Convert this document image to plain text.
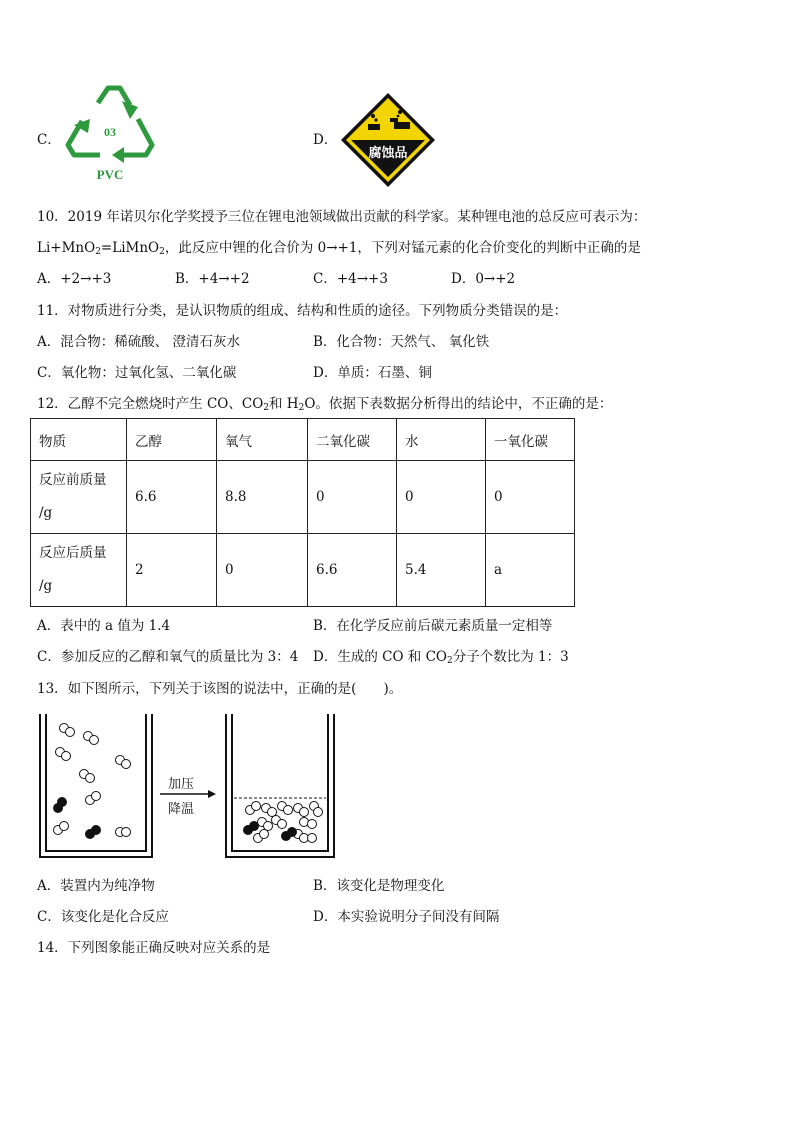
C．	03
PVC
D．
腐蚀品
10．2019 年诺贝尔化学奖授予三位在锂电池领域做出贡献的科学家。某种锂电池的总反应可表示为：
Li+MnO$_2$=LiMnO$_2$，此反应中锂的化合价为 0→+1，下列对锰元素的化合价变化的判断中正确的是
A．+2→+3	B．+4→+2	C．+4→+3	D．0→+2
11．对物质进行分类，是认识物质的组成、结构和性质的途径。下列物质分类错误的是：
A．混合物：稀硫酸、 澄清石灰水	B．化合物：天然气、 氧化铁
C．氧化物：过氧化氢、二氧化碳	D．单质：石墨、铜
12．乙醇不完全燃烧时产生 CO、$CO_2$和 $H_2O$。依据下表数据分析得出的结论中，不正确的是：
物质	乙醇	氧气	二氧化碳	水	一氧化碳
反应前质量
/g	6.6	8.8	0	0	0
反应后质量
/g	2	0	6.6	5.4	a
A．表中的 a 值为 1.4	B．在化学反应前后碳元素质量一定相等
C．参加反应的乙醇和氧气的质量比为 3：4 D．生成的 CO 和 $CO_2$分子个数比为 1：3
13．如下图所示，下列关于该图的说法中，正确的是(　　)。
加压
降温
A．装置内为纯净物	B．该变化是物理变化
C．该变化是化合反应	D．本实验说明分子间没有间隔
14．下列图象能正确反映对应关系的是
